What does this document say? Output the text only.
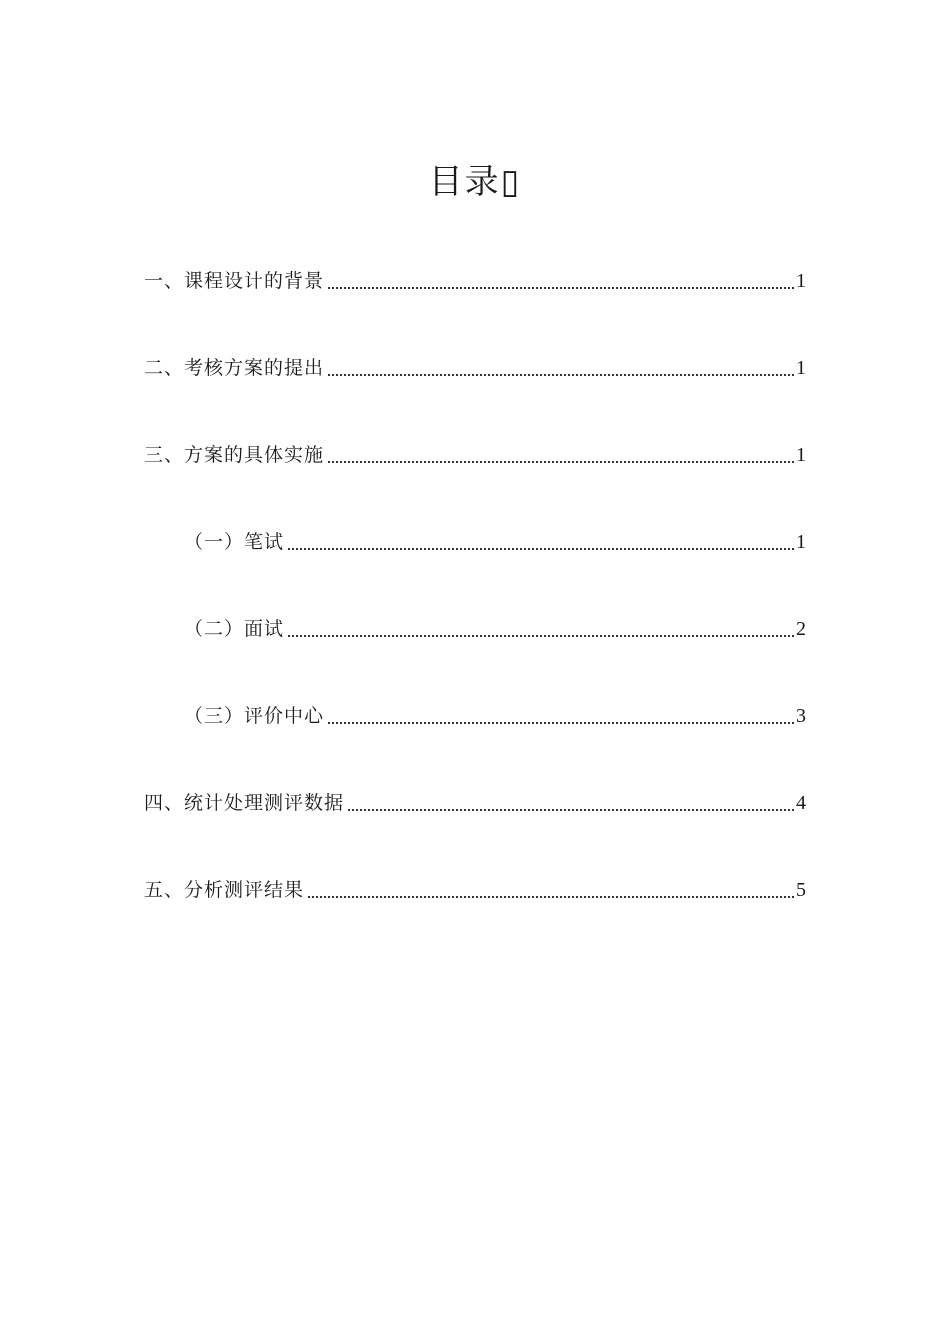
目录▯
一、课程设计的背景	1
二、考核方案的提出	1
三、方案的具体实施	1
（一）笔试	1
（二）面试	2
（三）评价中心	3
四、统计处理测评数据	4
五、分析测评结果	5
